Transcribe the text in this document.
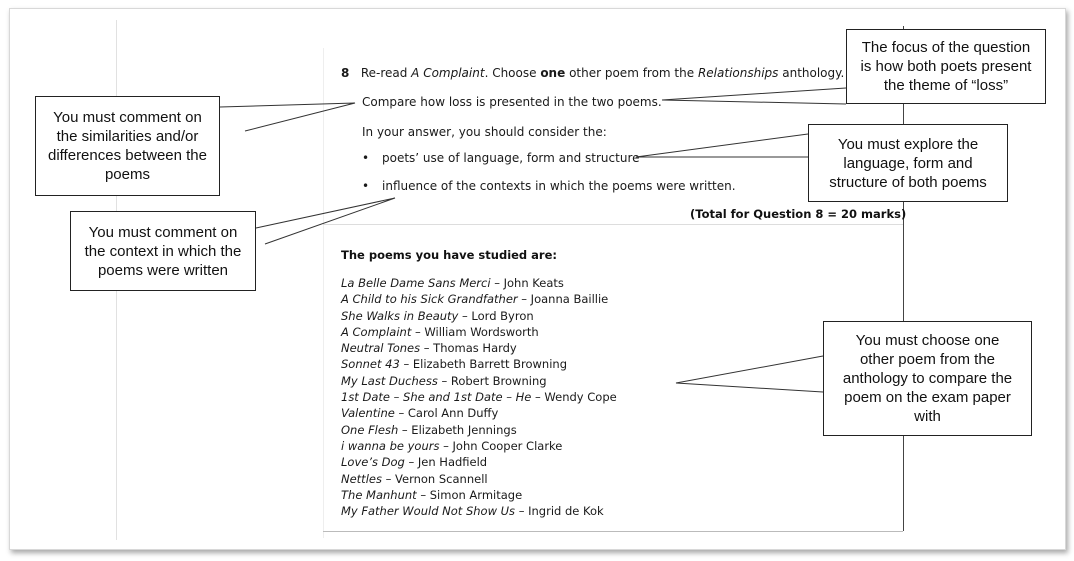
8 Re-read A Complaint. Choose one other poem from the Relationships anthology.
Compare how loss is presented in the two poems.
In your answer, you should consider the:
• poets’ use of language, form and structure
• influence of the contexts in which the poems were written.
(Total for Question 8 = 20 marks)
The poems you have studied are:
La Belle Dame Sans Merci – John Keats
A Child to his Sick Grandfather – Joanna Baillie
She Walks in Beauty – Lord Byron
A Complaint – William Wordsworth
Neutral Tones – Thomas Hardy
Sonnet 43 – Elizabeth Barrett Browning
My Last Duchess – Robert Browning
1st Date – She and 1st Date – He – Wendy Cope
Valentine – Carol Ann Duffy
One Flesh – Elizabeth Jennings
i wanna be yours – John Cooper Clarke
Love’s Dog – Jen Hadfield
Nettles – Vernon Scannell
The Manhunt – Simon Armitage
My Father Would Not Show Us – Ingrid de Kok
The focus of the question
is how both poets present
the theme of “loss”
You must comment on
the similarities and/or
differences between the
poems
You must explore the
language, form and
structure of both poems
You must comment on
the context in which the
poems were written
You must choose one
other poem from the
anthology to compare the
poem on the exam paper
with
